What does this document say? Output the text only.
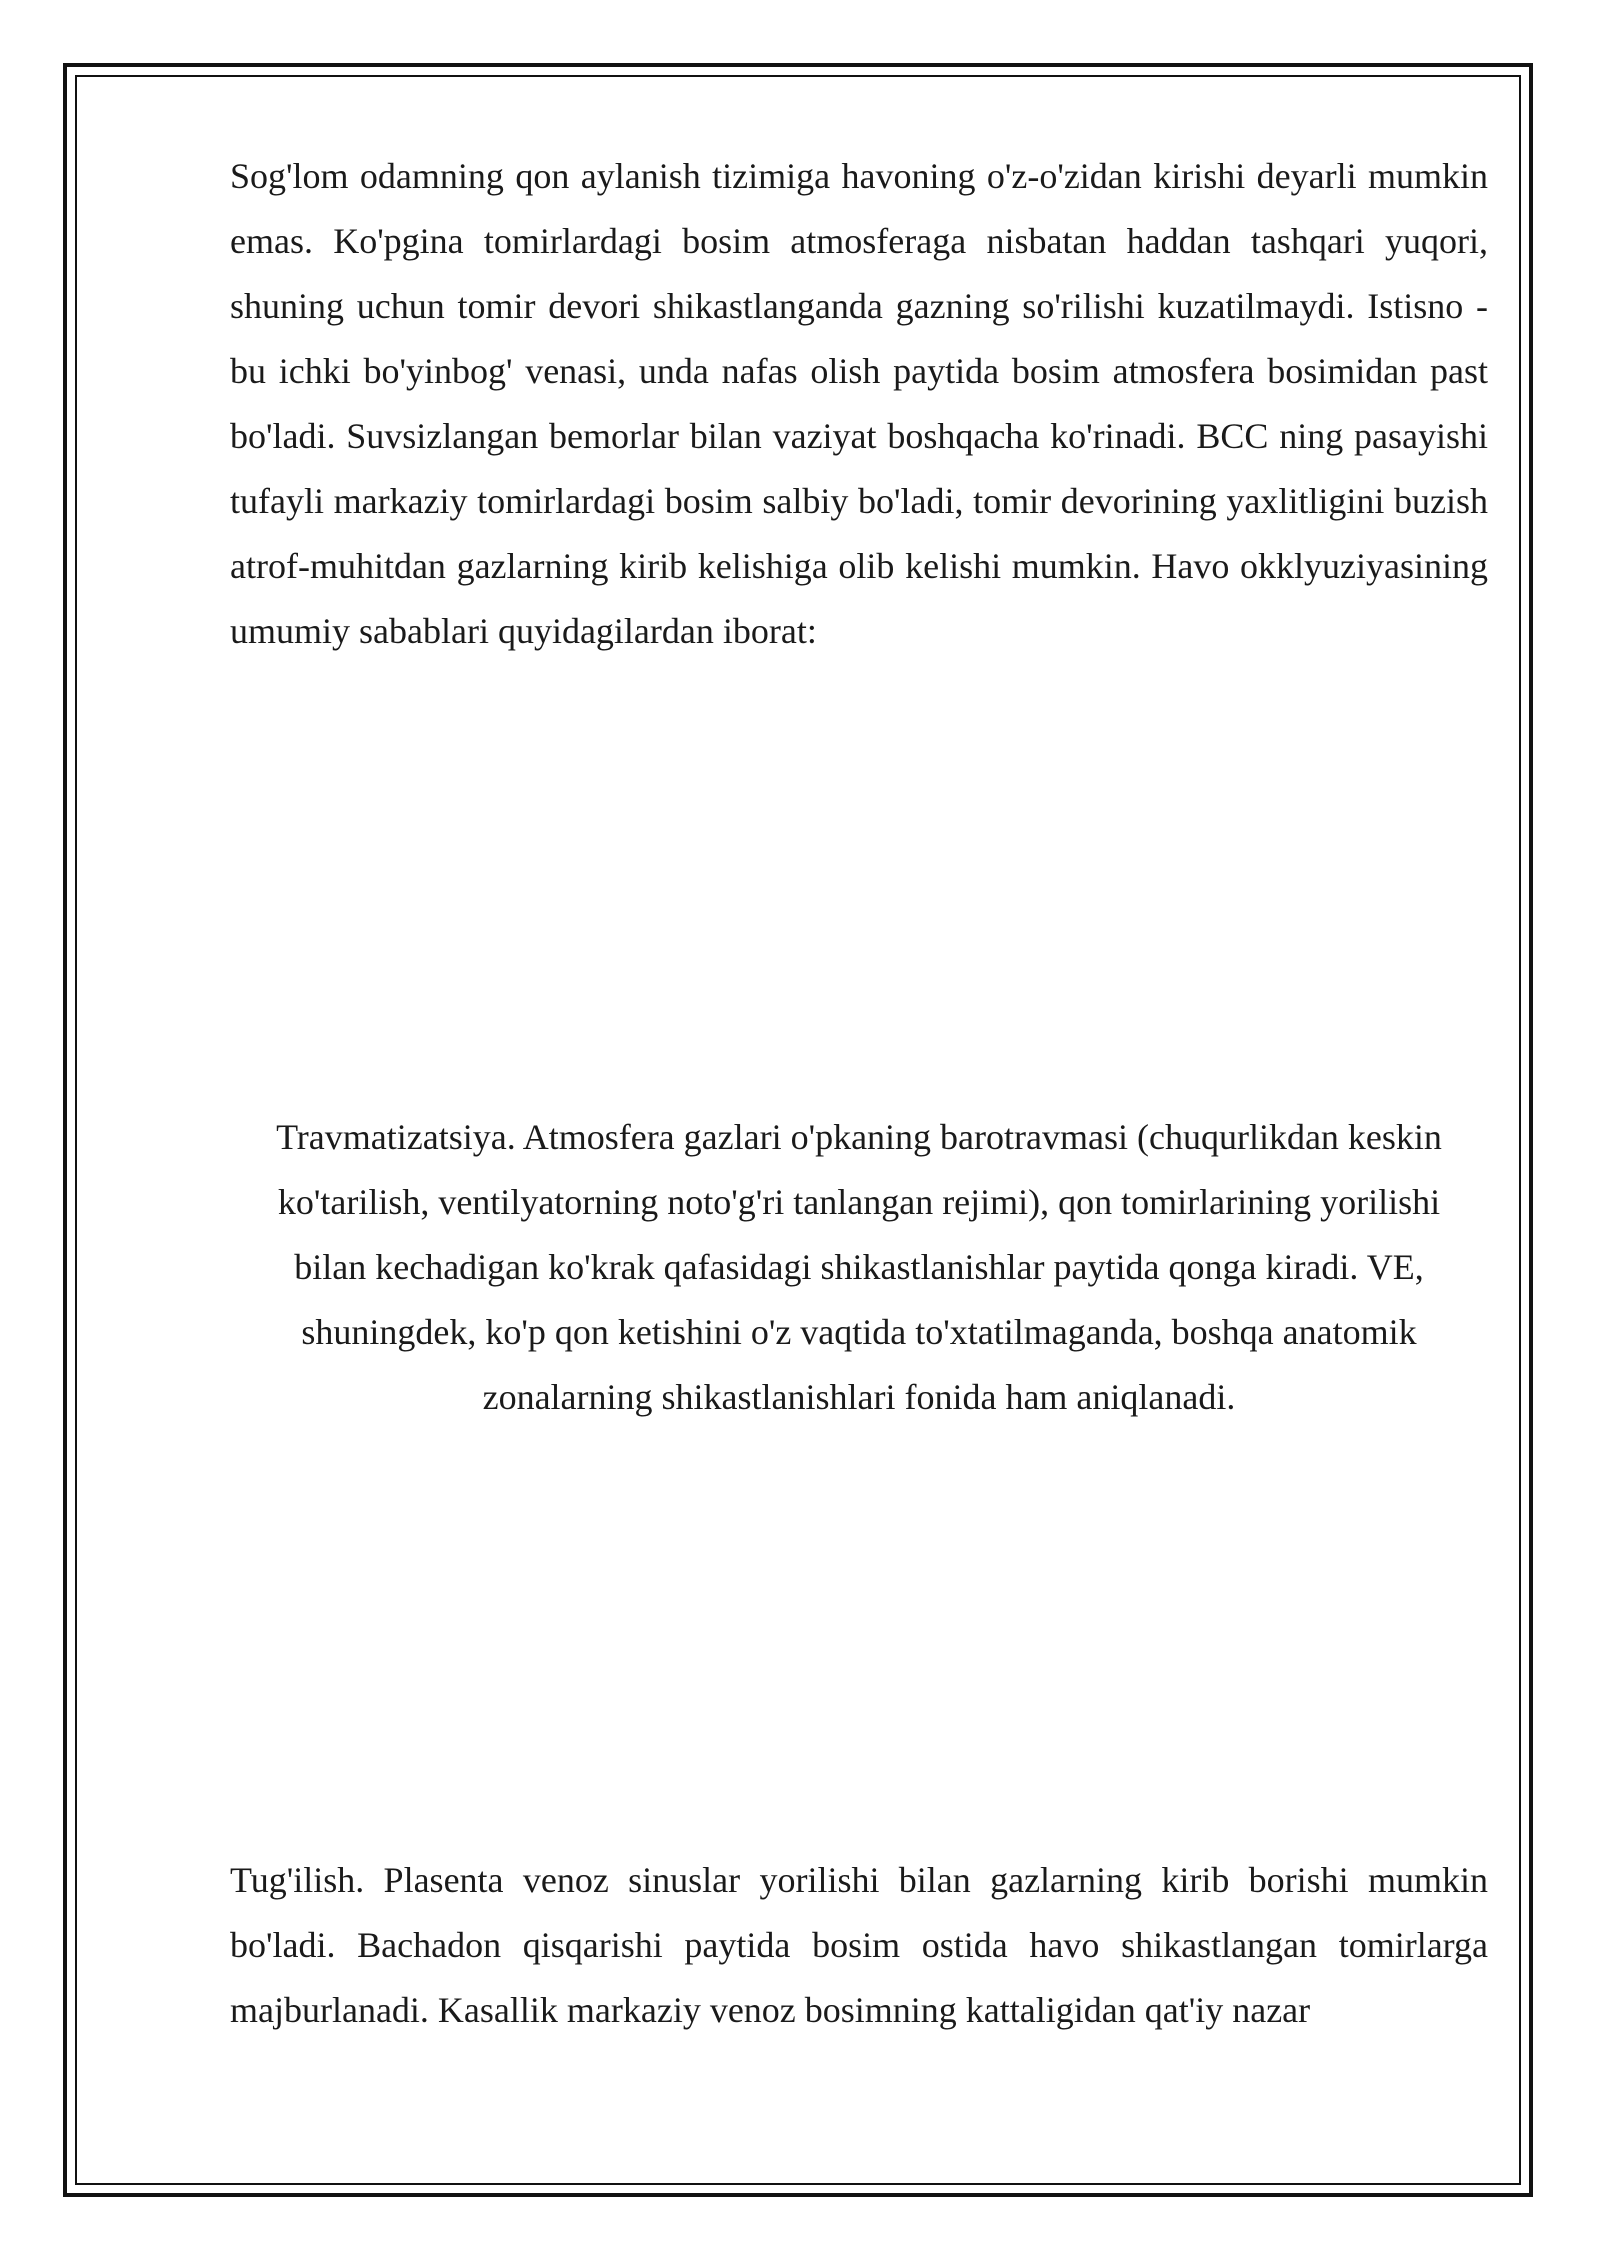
Sog'lom odamning qon aylanish tizimiga havoning o'z-o'zidan kirishi deyarli mumkin emas. Ko'pgina tomirlardagi bosim atmosferaga nisbatan haddan tashqari yuqori, shuning uchun tomir devori shikastlanganda gazning so'rilishi kuzatilmaydi. Istisno - bu ichki bo'yinbog' venasi, unda nafas olish paytida bosim atmosfera bosimidan past bo'ladi. Suvsizlangan bemorlar bilan vaziyat boshqacha ko'rinadi. BCC ning pasayishi tufayli markaziy tomirlardagi bosim salbiy bo'ladi, tomir devorining yaxlitligini buzish atrof-muhitdan gazlarning kirib kelishiga olib kelishi mumkin. Havo okklyuziyasining umumiy sabablari quyidagilardan iborat:

Travmatizatsiya. Atmosfera gazlari o'pkaning barotravmasi (chuqurlikdan keskin ko'tarilish, ventilyatorning noto'g'ri tanlangan rejimi), qon tomirlarining yorilishi bilan kechadigan ko'krak qafasidagi shikastlanishlar paytida qonga kiradi. VE, shuningdek, ko'p qon ketishini o'z vaqtida to'xtatilmaganda, boshqa anatomik zonalarning shikastlanishlari fonida ham aniqlanadi.

Tug'ilish. Plasenta venoz sinuslar yorilishi bilan gazlarning kirib borishi mumkin bo'ladi. Bachadon qisqarishi paytida bosim ostida havo shikastlangan tomirlarga majburlanadi. Kasallik markaziy venoz bosimning kattaligidan qat'iy nazar
